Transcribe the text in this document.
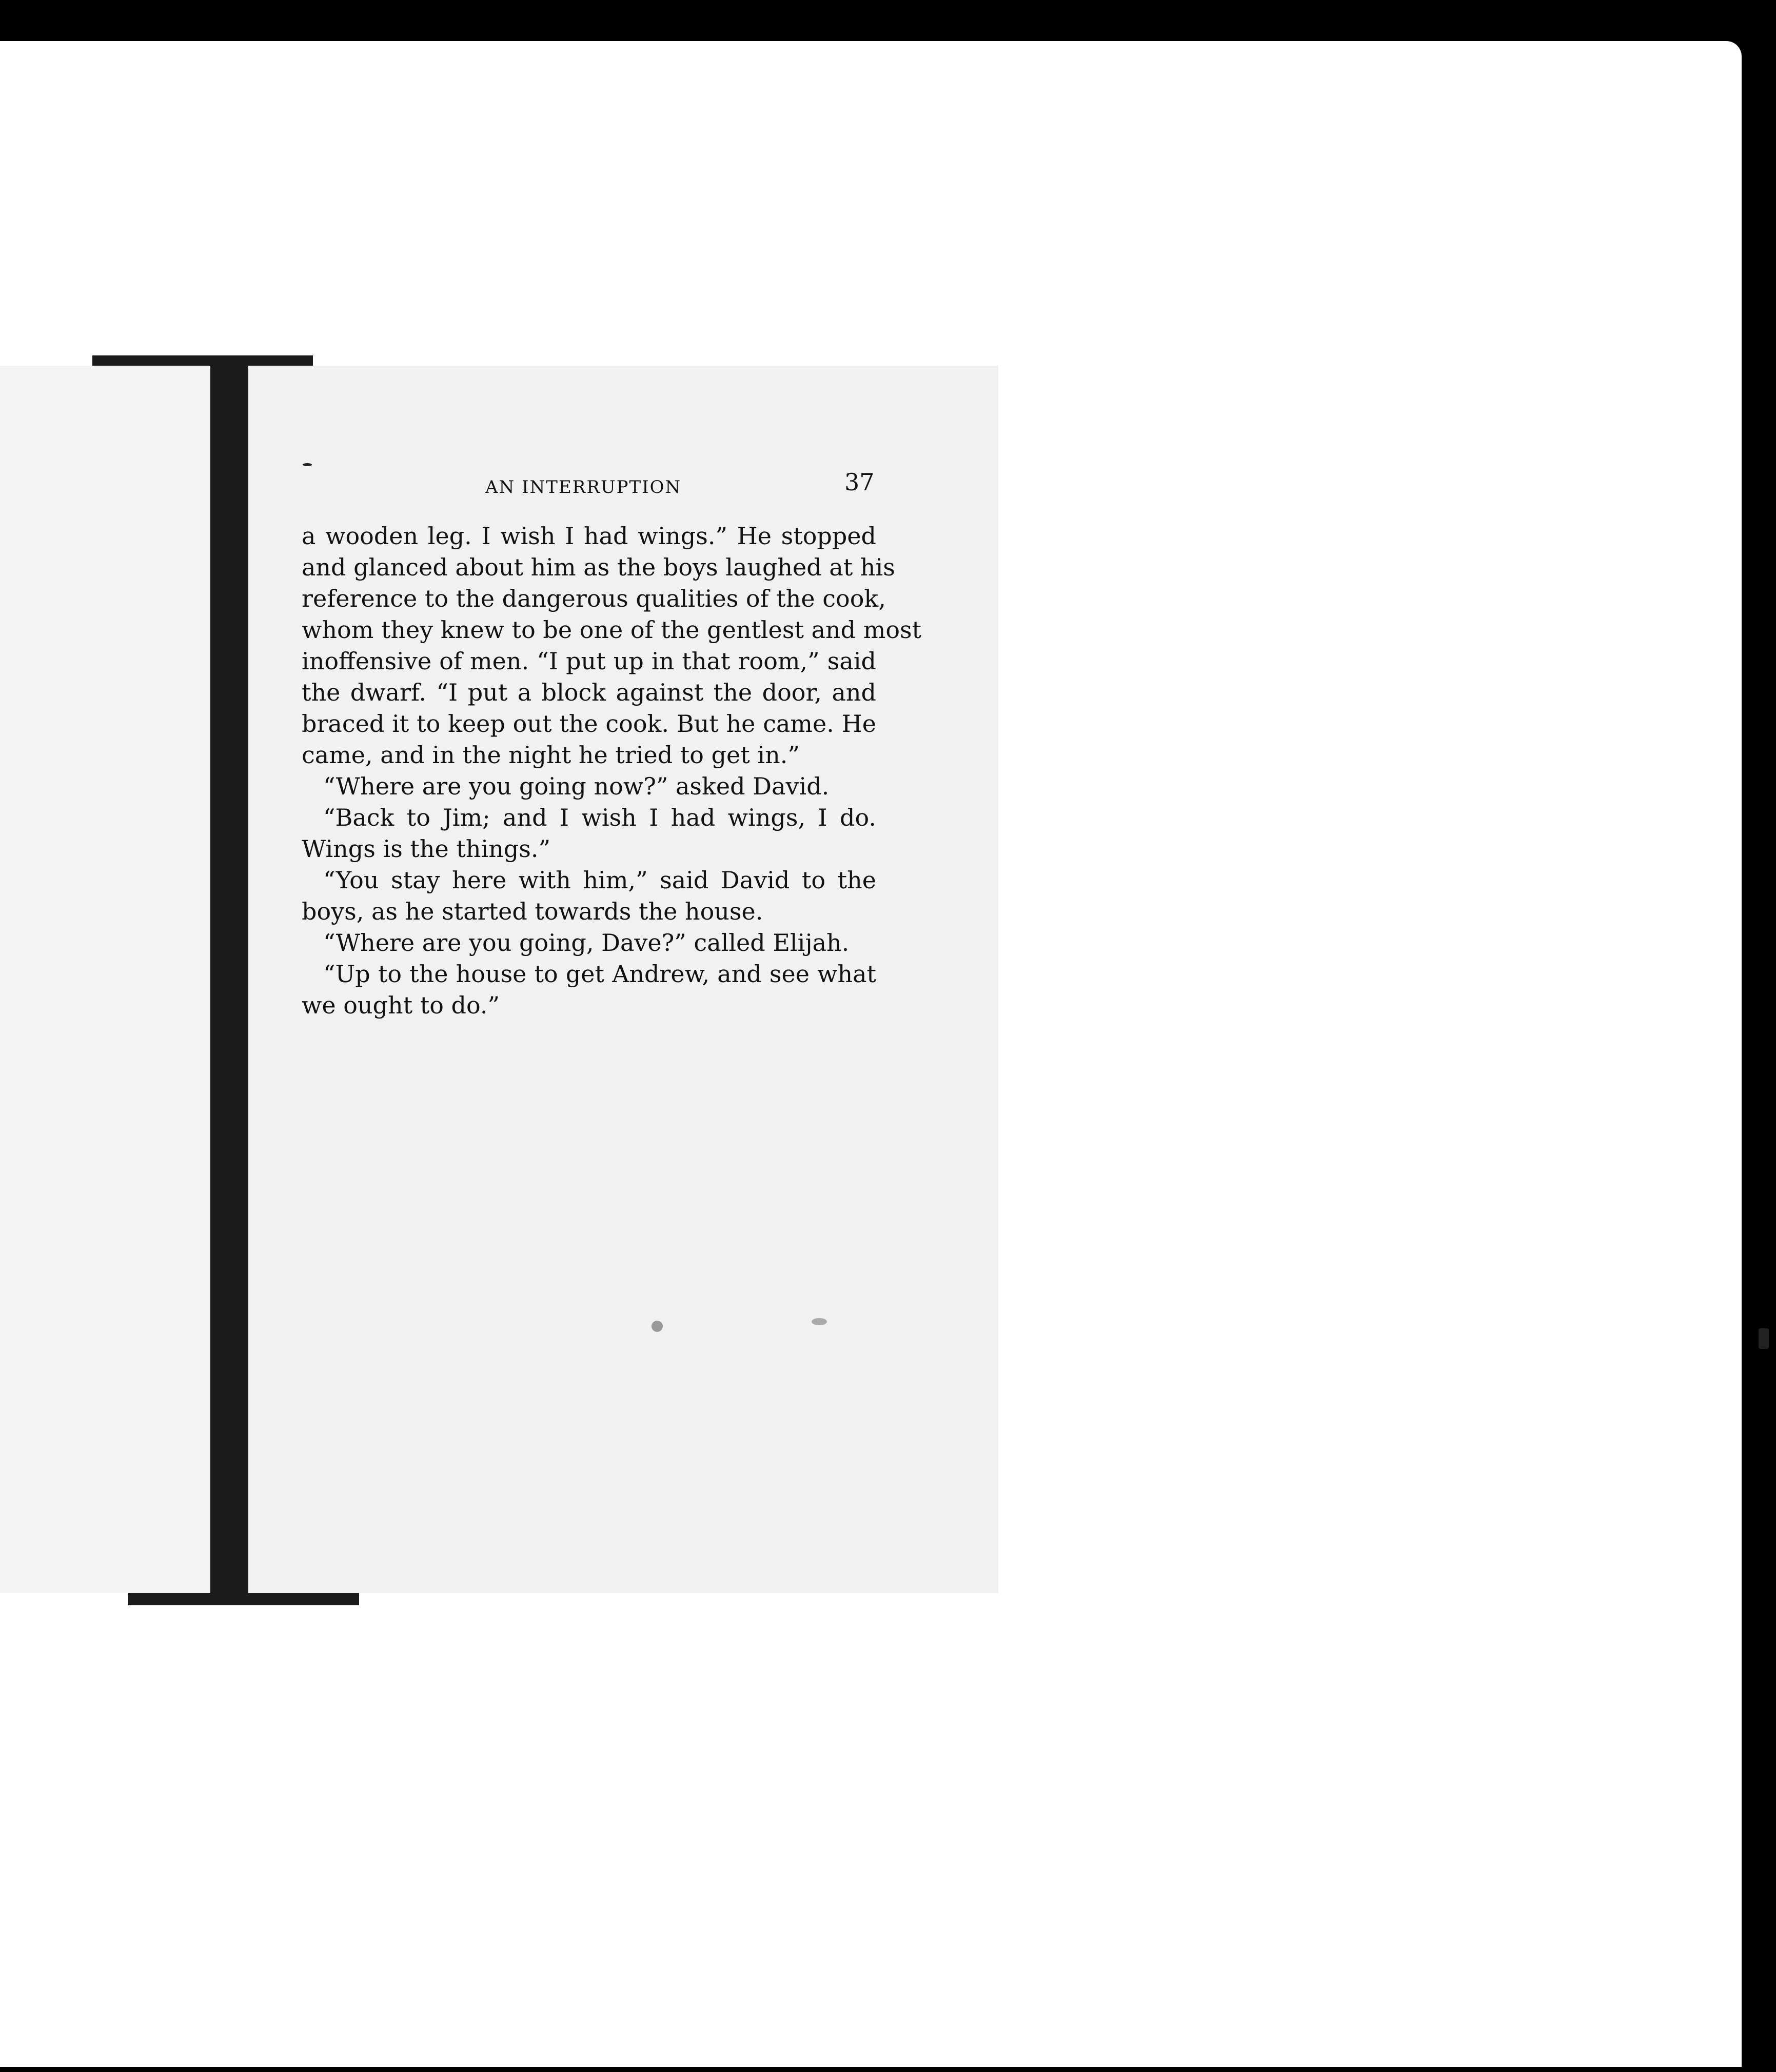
you’d dropped
irly light, and
nd then began
wooden-headed
AN INTERRUPTION	37
a wooden leg. I wish I had wings.” He stopped
and glanced about him as the boys laughed at his
reference to the dangerous qualities of the cook,
whom they knew to be one of the gentlest and most
inoffensive of men. “I put up in that room,” said
the dwarf. “I put a block against the door, and
braced it to keep out the cook. But he came. He
came, and in the night he tried to get in.”
“Where are you going now?” asked David.
“Back to Jim; and I wish I had wings, I do.
Wings is the things.”
“You stay here with him,” said David to the
boys, as he started towards the house.
“Where are you going, Dave?” called Elijah.
“Up to the house to get Andrew, and see what
we ought to do.”
